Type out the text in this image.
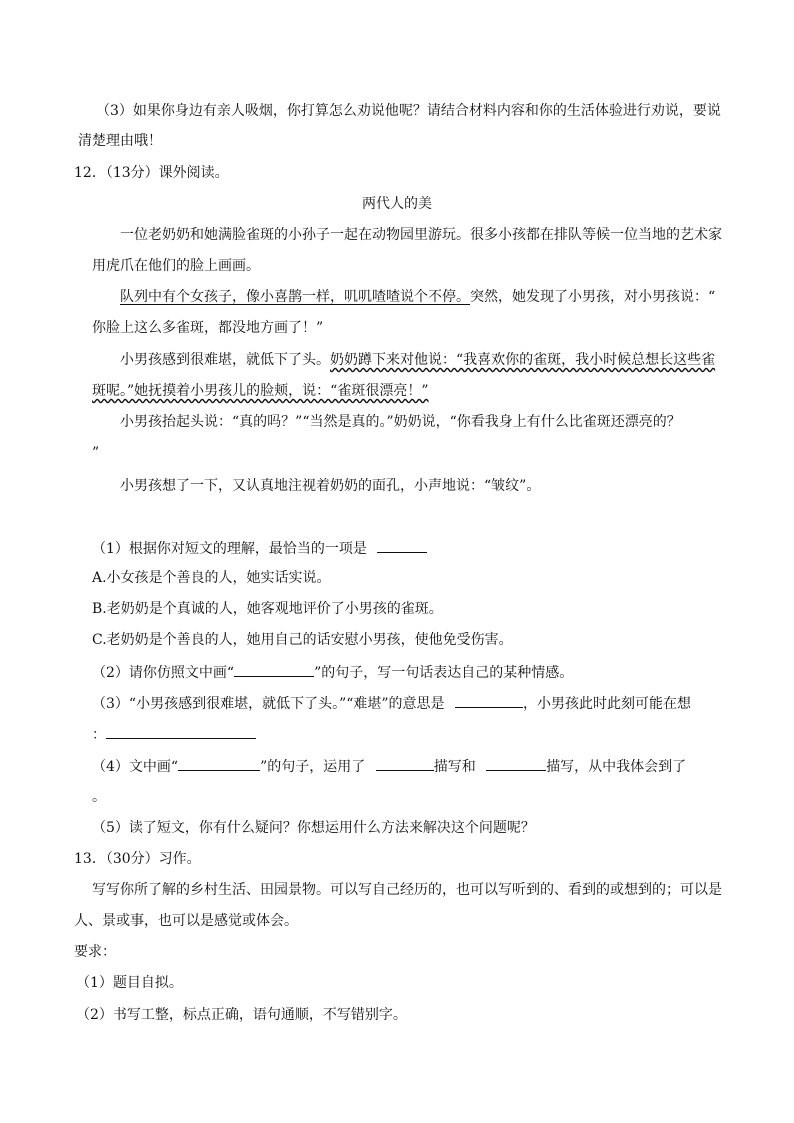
（3）如果你身边有亲人吸烟，你打算怎么劝说他呢？请结合材料内容和你的生活体验进行劝说，要说
清楚理由哦！
12．（13分）课外阅读。
两代人的美
一位老奶奶和她满脸雀斑的小孙子一起在动物园里游玩。很多小孩都在排队等候一位当地的艺术家
用虎爪在他们的脸上画画。
队列中有个女孩子，像小喜鹊一样，叽叽喳喳说个不停。突然，她发现了小男孩，对小男孩说：“
你脸上这么多雀斑，都没地方画了！”
小男孩感到很难堪，就低下了头。奶奶蹲下来对他说：“我喜欢你的雀斑，我小时候总想长这些雀
斑呢。”她抚摸着小男孩儿的脸颊，说：“雀斑很漂亮！”
小男孩抬起头说：“真的吗？”“当然是真的。”奶奶说，“你看我身上有什么比雀斑还漂亮的？
”
小男孩想了一下，又认真地注视着奶奶的面孔，小声地说：“皱纹”。
（1）根据你对短文的理解，最恰当的一项是
A.小女孩是个善良的人，她实话实说。
B.老奶奶是个真诚的人，她客观地评价了小男孩的雀斑。
C.老奶奶是个善良的人，她用自己的话安慰小男孩，使他免受伤害。
（2）请你仿照文中画“	”的句子，写一句话表达自己的某种情感。
（3）“小男孩感到很难堪，就低下了头。”“难堪”的意思是	，小男孩此时此刻可能在想
：
（4）文中画“	”的句子，运用了	描写和	描写，从中我体会到了
。
（5）读了短文，你有什么疑问？你想运用什么方法来解决这个问题呢？
13．（30分）习作。
写写你所了解的乡村生活、田园景物。可以写自己经历的，也可以写听到的、看到的或想到的；可以是
人、景或事，也可以是感觉或体会。
要求：
（1）题目自拟。
（2）书写工整，标点正确，语句通顺，不写错别字。
